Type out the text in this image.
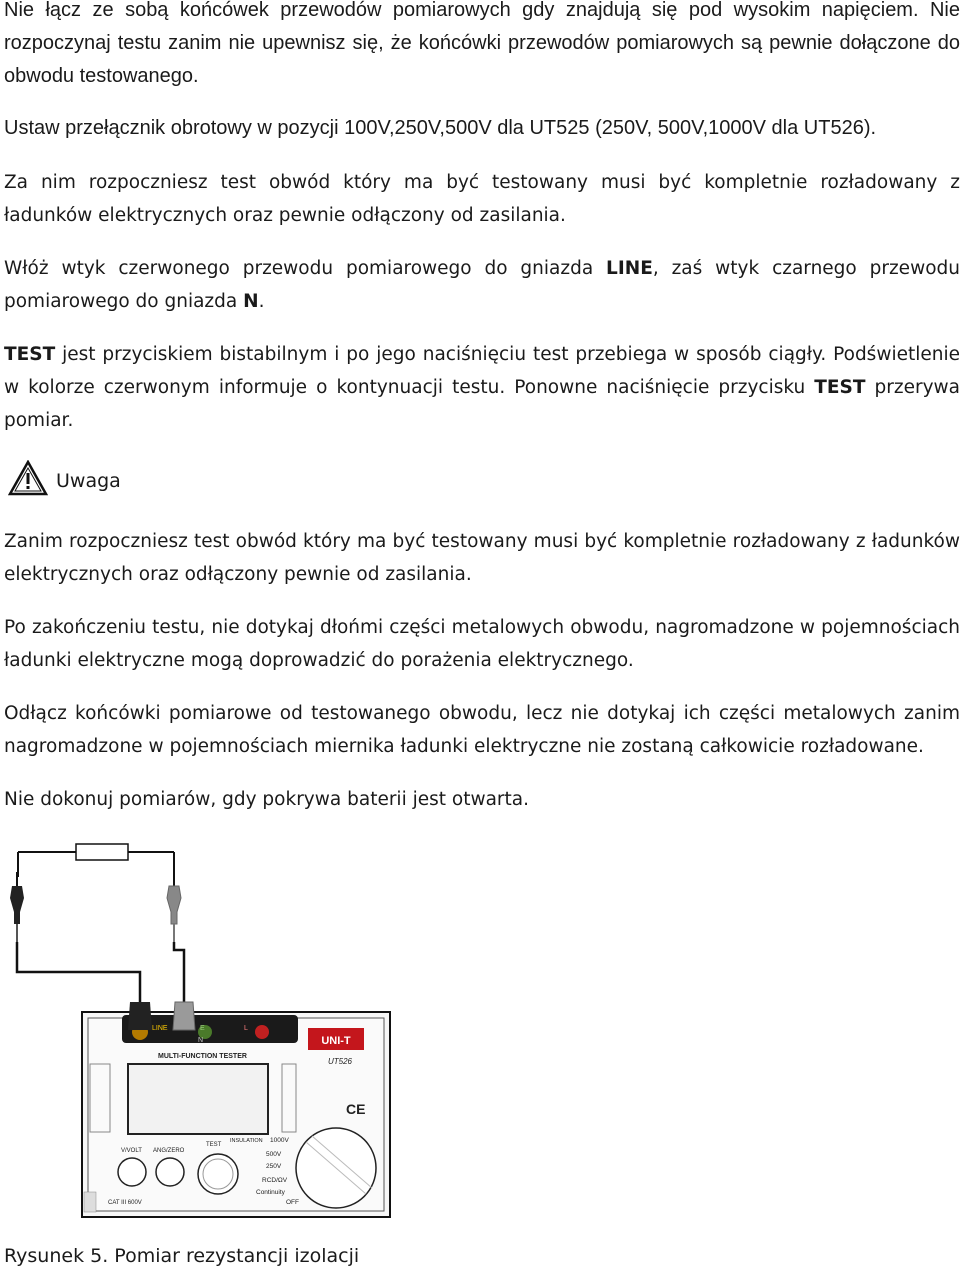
Nie łącz ze sobą końcówek przewodów pomiarowych gdy znajdują się pod wysokim napięciem. Nie rozpoczynaj testu zanim nie upewnisz się, że końcówki przewodów pomiarowych są pewnie dołączone do obwodu testowanego.

Ustaw przełącznik obrotowy w pozycji 100V,250V,500V dla UT525 (250V, 500V,1000V dla UT526).

Za nim rozpoczniesz test obwód który ma być testowany musi być kompletnie rozładowany z ładunków elektrycznych oraz pewnie odłączony od zasilania.

Włóż wtyk czerwonego przewodu pomiarowego do gniazda LINE, zaś wtyk czarnego przewodu pomiarowego do gniazda N.

TEST jest przyciskiem bistabilnym i po jego naciśnięciu test przebiega w sposób ciągły. Podświetlenie w kolorze czerwonym informuje o kontynuacji testu. Ponowne naciśnięcie przycisku TEST przerywa pomiar.

Uwaga

Zanim rozpoczniesz test obwód który ma być testowany musi być kompletnie rozładowany z ładunków elektrycznych oraz odłączony pewnie od zasilania.

Po zakończeniu testu, nie dotykaj dłońmi części metalowych obwodu, nagromadzone w pojemnościach ładunki elektryczne mogą doprowadzić do porażenia elektrycznego.

Odłącz końcówki pomiarowe od testowanego obwodu, lecz nie dotykaj ich części metalowych zanim nagromadzone w pojemnościach miernika ładunki elektryczne nie zostaną całkowicie rozładowane.

Nie dokonuj pomiarów, gdy pokrywa baterii jest otwarta.

LINE	E
N
L
UNI-T
UT526
MULTI-FUNCTION TESTER
CE
V/VOLT ANG/ZERO
TEST
INSULATION 1000V
500V
250V
RCD/ΩV
Continuity
OFF
CAT III 600V
Rysunek 5. Pomiar rezystancji izolacji
